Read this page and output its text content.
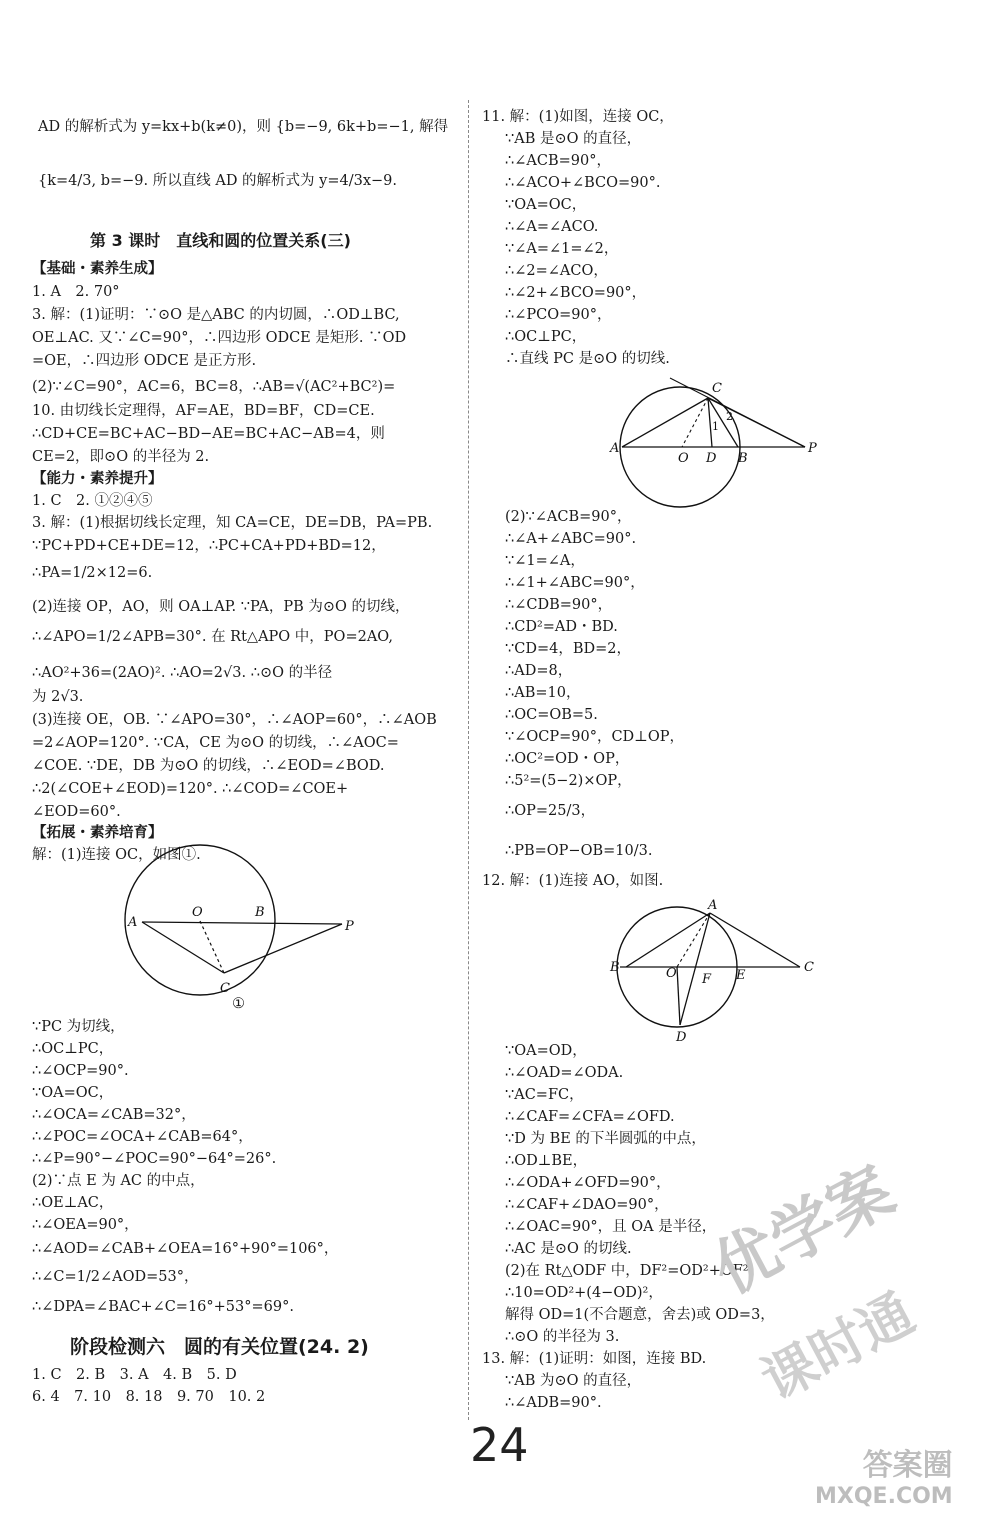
AD 的解析式为 y=kx+b(k≠0)，则 {b=−9, 6k+b=−1, 解得
{k=4/3, b=−9. 所以直线 AD 的解析式为 y=4/3x−9.
第 3 课时　直线和圆的位置关系(三)
【基础・素养生成】
1. A　2. 70°
3. 解：(1)证明：∵⊙O 是△ABC 的内切圆，∴OD⊥BC,
OE⊥AC. 又∵∠C=90°，∴四边形 ODCE 是矩形. ∵OD
=OE，∴四边形 ODCE 是正方形.
(2)∵∠C=90°，AC=6，BC=8，∴AB=√(AC²+BC²)=
10. 由切线长定理得，AF=AE，BD=BF，CD=CE.
∴CD+CE=BC+AC−BD−AE=BC+AC−AB=4，则
CE=2，即⊙O 的半径为 2.
【能力・素养提升】
1. C　2. ①②④⑤
3. 解：(1)根据切线长定理，知 CA=CE，DE=DB，PA=PB.
∵PC+PD+CE+DE=12，∴PC+CA+PD+BD=12，
∴PA=1/2×12=6.
(2)连接 OP，AO，则 OA⊥AP. ∵PA，PB 为⊙O 的切线，
∴∠APO=1/2∠APB=30°. 在 Rt△APO 中，PO=2AO,
∴AO²+36=(2AO)². ∴AO=2√3. ∴⊙O 的半径
为 2√3.
(3)连接 OE，OB. ∵∠APO=30°，∴∠AOP=60°，∴∠AOB
=2∠AOP=120°. ∵CA，CE 为⊙O 的切线，∴∠AOC=
∠COE. ∵DE，DB 为⊙O 的切线，∴∠EOD=∠BOD.
∴2(∠COE+∠EOD)=120°. ∴∠COD=∠COE+
∠EOD=60°.
【拓展・素养培育】
解：(1)连接 OC，如图①.
A
O	B
P
C
①
∵PC 为切线，
∴OC⊥PC，
∴∠OCP=90°.
∵OA=OC，
∴∠OCA=∠CAB=32°，
∴∠POC=∠OCA+∠CAB=64°，
∴∠P=90°−∠POC=90°−64°=26°.
(2)∵点 E 为 AC 的中点，
∴OE⊥AC，
∴∠OEA=90°，
∴∠AOD=∠CAB+∠OEA=16°+90°=106°，
∴∠C=1/2∠AOD=53°，
∴∠DPA=∠BAC+∠C=16°+53°=69°.
阶段检测六　圆的有关位置(24. 2)
1. C　2. B　3. A　4. B　5. D
6. 4　7. 10　8. 18　9. 70　10. 2
11. 解：(1)如图，连接 OC，
∵AB 是⊙O 的直径，
∴∠ACB=90°，
∴∠ACO+∠BCO=90°.
∵OA=OC，
∴∠A=∠ACO.
∵∠A=∠1=∠2，
∴∠2=∠ACO，
∴∠2+∠BCO=90°，
∴∠PCO=90°，
∴OC⊥PC，
∴直线 PC 是⊙O 的切线.
A
O D B
P
C
1
2
(2)∵∠ACB=90°，
∴∠A+∠ABC=90°.
∵∠1=∠A，
∴∠1+∠ABC=90°，
∴∠CDB=90°，
∴CD²=AD・BD.
∵CD=4，BD=2，
∴AD=8，
∴AB=10，
∴OC=OB=5.
∵∠OCP=90°，CD⊥OP，
∴OC²=OD・OP，
∴5²=(5−2)×OP，
∴OP=25/3，
∴PB=OP−OB=10/3.
12. 解：(1)连接 AO，如图.
B	O F E
C
A
D
∵OA=OD，
∴∠OAD=∠ODA.
∵AC=FC，
∴∠CAF=∠CFA=∠OFD.
∵D 为 BE 的下半圆弧的中点，
∴OD⊥BE，
∴∠ODA+∠OFD=90°，
∴∠CAF+∠DAO=90°，
∴∠OAC=90°，且 OA 是半径，
∴AC 是⊙O 的切线.
(2)在 Rt△ODF 中，DF²=OD²+OF²，
∴10=OD²+(4−OD)²，
解得 OD=1(不合题意，舍去)或 OD=3，
∴⊙O 的半径为 3.
13. 解：(1)证明：如图，连接 BD.
∵AB 为⊙O 的直径，
∴∠ADB=90°.
24
优学案
课时通
答案圈
MXQE.COM
